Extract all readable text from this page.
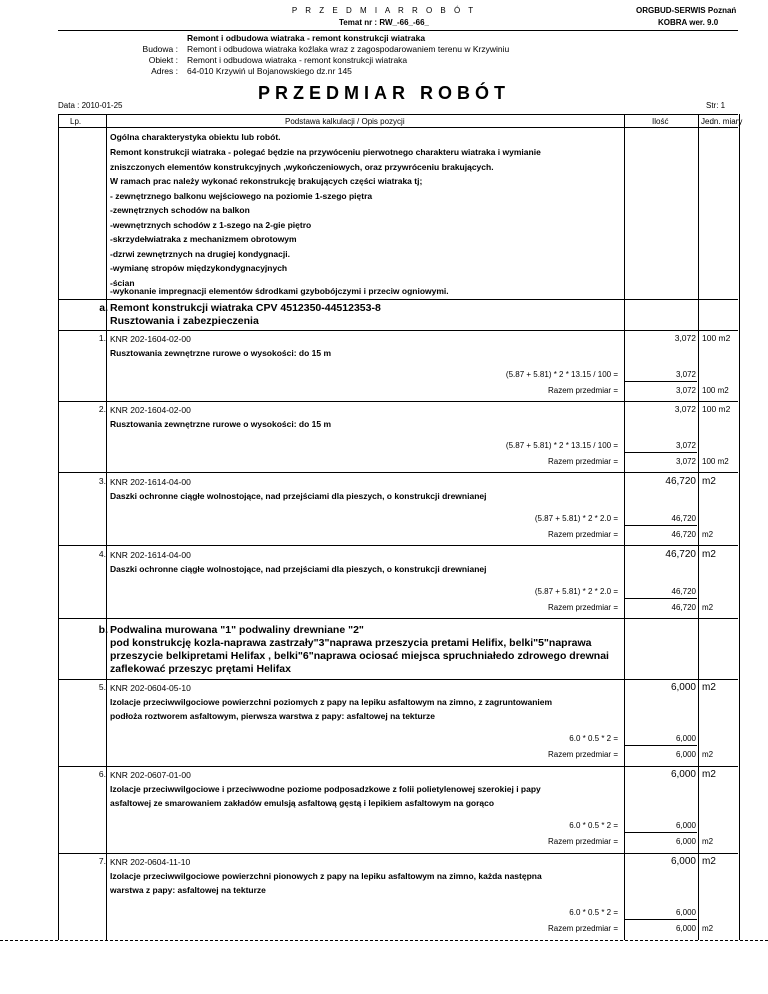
P R Z E D M I A R R O B Ó T
Temat nr : RW_-66_-66_
ORGBUD-SERWIS Poznań
KOBRA wer. 9.0
Remont i odbudowa wiatraka - remont konstrukcji wiatraka
Budowa : Remont i odbudowa wiatraka koźlaka wraz z zagospodarowaniem terenu w Krzywiniu
Obiekt : Remont i odbudowa wiatraka - remont konstrukcji wiatraka
Adres : 64-010 Krzywiń ul Bojanowskiego dz.nr 145
PRZEDMIAR ROBÓT
Data : 2010-01-25	Str: 1
Lp.	Podstawa kalkulacji / Opis pozycji	Ilość	Jedn. miary
Ogólna charakterystyka obiektu lub robót.
Remont konstrukcji wiatraka - polegać będzie na przywóceniu pierwotnego charakteru wiatraka i wymianie
zniszczonych elementów konstrukcyjnych ,wykończeniowych, oraz przywróceniu brakujących.
W ramach prac należy wykonać rekonstrukcję brakujących części wiatraka tj;
- zewnętrznego balkonu wejściowego na poziomie 1-szego piętra
-zewnętrznych schodów na balkon
-wewnętrznych schodów z 1-szego na 2-gie piętro
-skrzydełwiatraka z mechanizmem obrotowym
-dzrwi zewnętrznych na drugiej kondygnacji.
-wymianę stropów międzykondygnacyjnych
-ścian
-wykonanie impregnacji elementów śdrodkami gzybobójczymi i przeciw ogniowymi.
a. Remont konstrukcji wiatraka CPV 4512350-44512353-8
Rusztowania i zabezpieczenia
1. KNR 202-1604-02-00
Rusztowania zewnętrzne rurowe o wysokości: do 15 m
3,072 100 m2
(5.87 + 5.81) * 2 * 13.15 / 100 =	3,072
Razem przedmiar =	3,072 100 m2
2. KNR 202-1604-02-00
Rusztowania zewnętrzne rurowe o wysokości: do 15 m
3,072 100 m2
(5.87 + 5.81) * 2 * 13.15 / 100 =	3,072
Razem przedmiar =	3,072 100 m2
3. KNR 202-1614-04-00
Daszki ochronne ciągłe wolnostojące, nad przejściami dla pieszych, o konstrukcji drewnianej
46,720 m2
(5.87 + 5.81) * 2 * 2.0 =	46,720
Razem przedmiar =	46,720 m2
4. KNR 202-1614-04-00
Daszki ochronne ciągłe wolnostojące, nad przejściami dla pieszych, o konstrukcji drewnianej
46,720 m2
(5.87 + 5.81) * 2 * 2.0 =	46,720
Razem przedmiar =	46,720 m2
b. Podwalina murowana "1" podwaliny drewniane "2"
pod konstrukcję kozla-naprawa zastrzały"3"naprawa przeszycia pretami Helifix, belki"5"naprawa
przeszycie belkipretami Helifax , belki"6"naprawa ociosać miejsca spruchniałedo zdrowego drewnai
zaflekować przeszyc prętami Helifax
5. KNR 202-0604-05-10
Izolacje przeciwwilgociowe powierzchni poziomych z papy na lepiku asfaltowym na zimno, z zagruntowaniem
podłoża roztworem asfaltowym, pierwsza warstwa z papy: asfaltowej na tekturze
6,000 m2
6.0 * 0.5 * 2 =	6,000
Razem przedmiar =	6,000 m2
6. KNR 202-0607-01-00
Izolacje przeciwwilgociowe i przeciwwodne poziome podposadzkowe z folii polietylenowej szerokiej i papy
asfaltowej ze smarowaniem zakładów emulsją asfaltową gęstą i lepikiem asfaltowym na gorąco
6,000 m2
6.0 * 0.5 * 2 =	6,000
Razem przedmiar =	6,000 m2
7. KNR 202-0604-11-10
Izolacje przeciwwilgociowe powierzchni pionowych z papy na lepiku asfaltowym na zimno, każda następna
warstwa z papy: asfaltowej na tekturze
6,000 m2
6.0 * 0.5 * 2 =	6,000
Razem przedmiar =	6,000 m2
